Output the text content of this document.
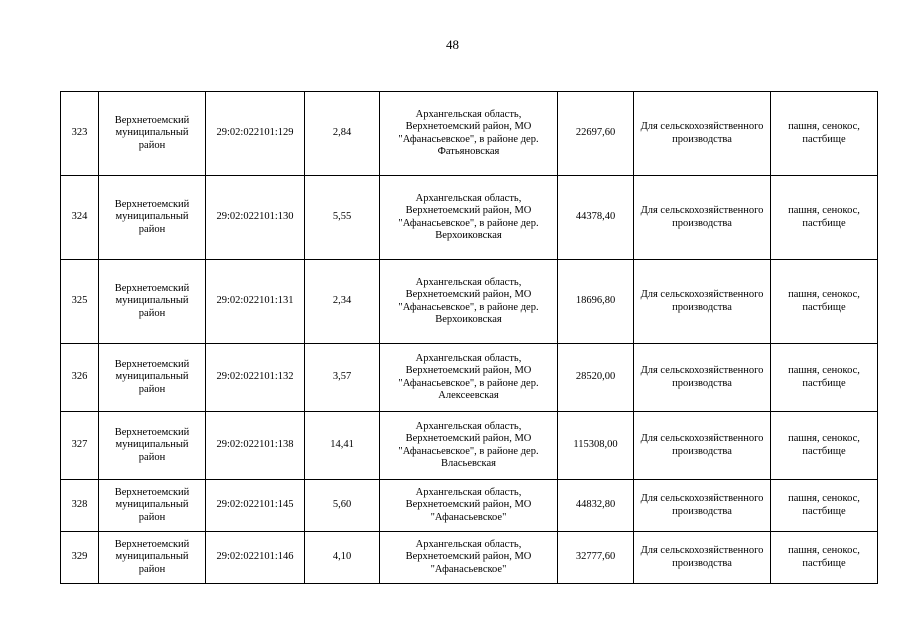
48
323	Верхнетоемский муниципальный район	29:02:022101:129	2,84	Архангельская область, Верхнетоемский район, МО "Афанасьевское", в районе дер. Фатьяновская	22697,60	Для сельскохозяйственного производства	пашня, сенокос, пастбище
324	Верхнетоемский муниципальный район	29:02:022101:130	5,55	Архангельская область, Верхнетоемский район, МО "Афанасьевское", в районе дер. Верхоиковская	44378,40	Для сельскохозяйственного производства	пашня, сенокос, пастбище
325	Верхнетоемский муниципальный район	29:02:022101:131	2,34	Архангельская область, Верхнетоемский район, МО "Афанасьевское", в районе дер. Верхоиковская	18696,80	Для сельскохозяйственного производства	пашня, сенокос, пастбище
326	Верхнетоемский муниципальный район	29:02:022101:132	3,57	Архангельская область, Верхнетоемский район, МО "Афанасьевское", в районе дер. Алексеевская	28520,00	Для сельскохозяйственного производства	пашня, сенокос, пастбище
327	Верхнетоемский муниципальный район	29:02:022101:138	14,41	Архангельская область, Верхнетоемский район, МО "Афанасьевское", в районе дер. Власьевская	115308,00	Для сельскохозяйственного производства	пашня, сенокос, пастбище
328	Верхнетоемский муниципальный район	29:02:022101:145	5,60	Архангельская область, Верхнетоемский район, МО "Афанасьевское"	44832,80	Для сельскохозяйственного производства	пашня, сенокос, пастбище
329	Верхнетоемский муниципальный район	29:02:022101:146	4,10	Архангельская область, Верхнетоемский район, МО "Афанасьевское"	32777,60	Для сельскохозяйственного производства	пашня, сенокос, пастбище
